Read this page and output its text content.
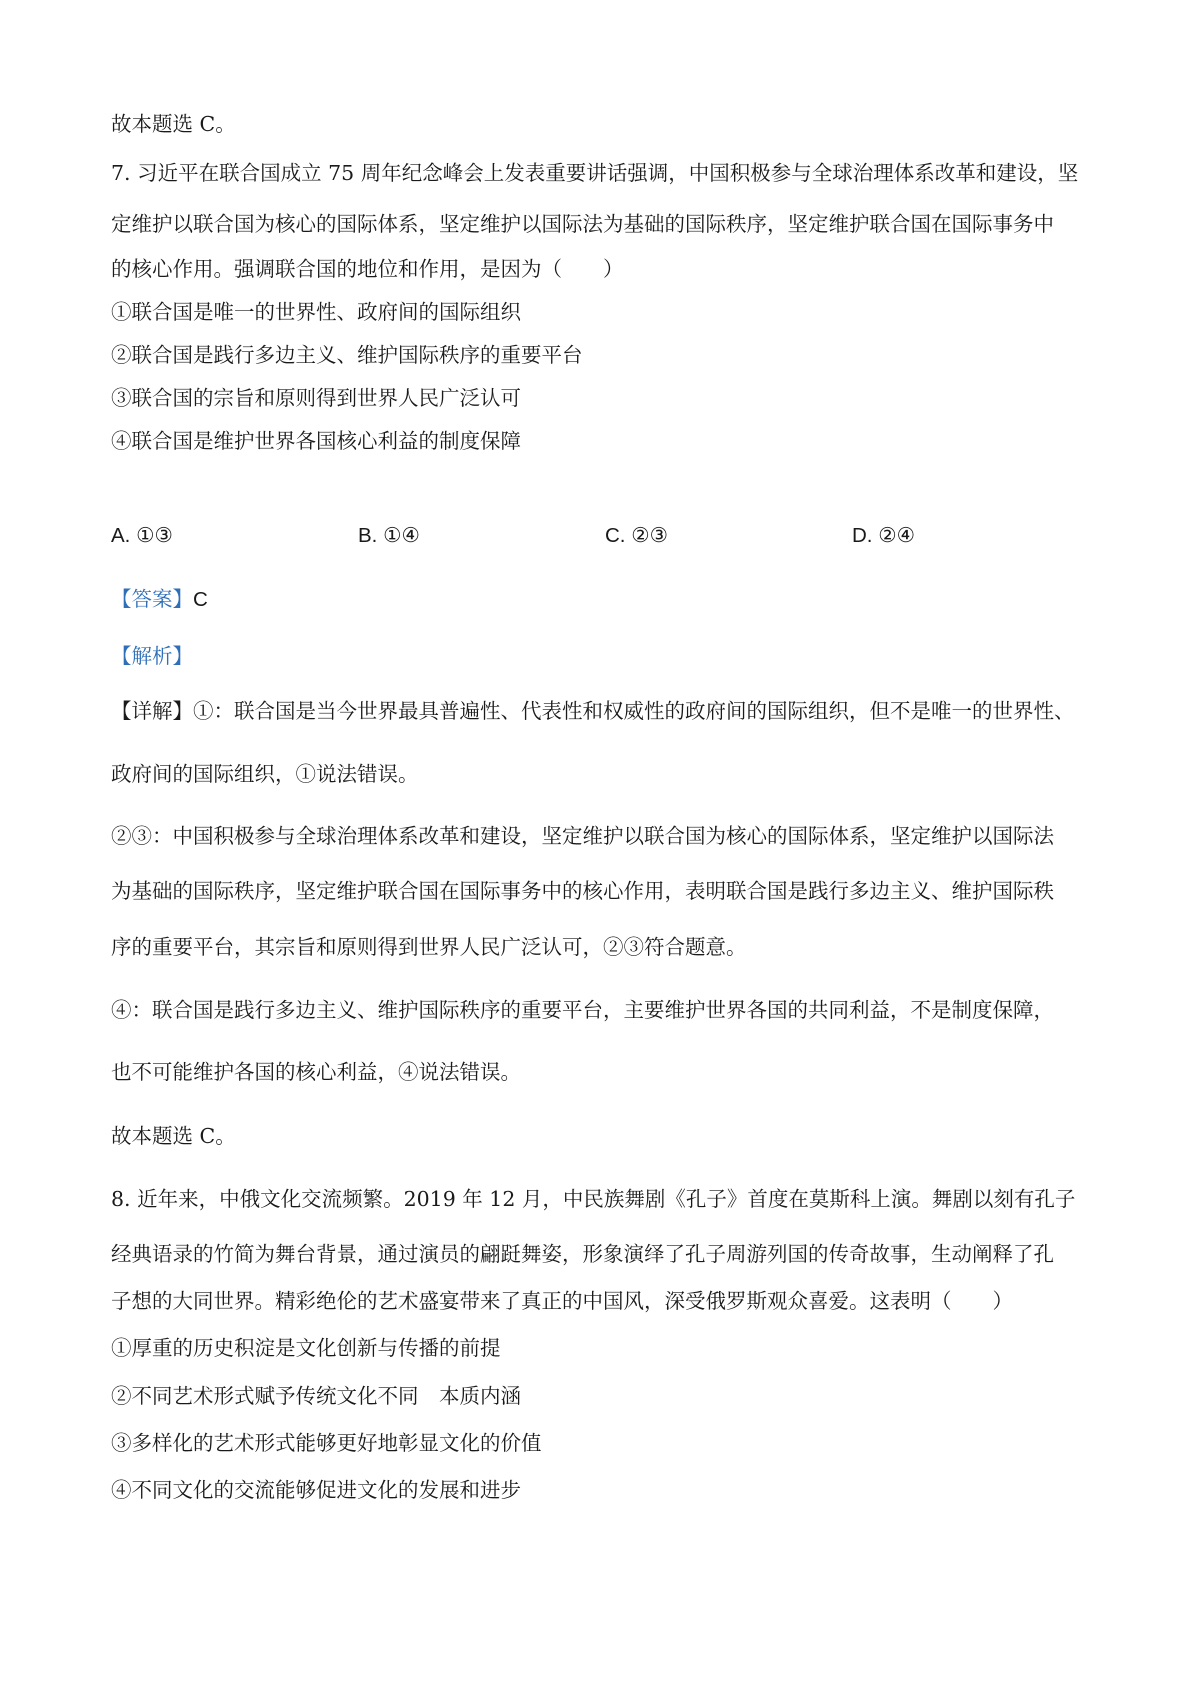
故本题选 C。
7. 习近平在联合国成立 75 周年纪念峰会上发表重要讲话强调，中国积极参与全球治理体系改革和建设，坚
定维护以联合国为核心的国际体系，坚定维护以国际法为基础的国际秩序，坚定维护联合国在国际事务中
的核心作用。强调联合国的地位和作用，是因为（　　）
①联合国是唯一的世界性、政府间的国际组织
②联合国是践行多边主义、维护国际秩序的重要平台
③联合国的宗旨和原则得到世界人民广泛认可
④联合国是维护世界各国核心利益的制度保障
A. ①③	B. ①④	C. ②③	D. ②④
【答案】C
【解析】
【详解】①：联合国是当今世界最具普遍性、代表性和权威性的政府间的国际组织，但不是唯一的世界性、
政府间的国际组织，①说法错误。
②③：中国积极参与全球治理体系改革和建设，坚定维护以联合国为核心的国际体系，坚定维护以国际法
为基础的国际秩序，坚定维护联合国在国际事务中的核心作用，表明联合国是践行多边主义、维护国际秩
序的重要平台，其宗旨和原则得到世界人民广泛认可，②③符合题意。
④：联合国是践行多边主义、维护国际秩序的重要平台，主要维护世界各国的共同利益，不是制度保障，
也不可能维护各国的核心利益，④说法错误。
故本题选 C。
8. 近年来，中俄文化交流频繁。2019 年 12 月，中民族舞剧《孔子》首度在莫斯科上演。舞剧以刻有孔子
经典语录的竹简为舞台背景，通过演员的翩跹舞姿，形象演绎了孔子周游列国的传奇故事，生动阐释了孔
子想的大同世界。精彩绝伦的艺术盛宴带来了真正的中国风，深受俄罗斯观众喜爱。这表明（　　）
①厚重的历史积淀是文化创新与传播的前提
②不同艺术形式赋予传统文化不同　本质内涵
③多样化的艺术形式能够更好地彰显文化的价值
④不同文化的交流能够促进文化的发展和进步
